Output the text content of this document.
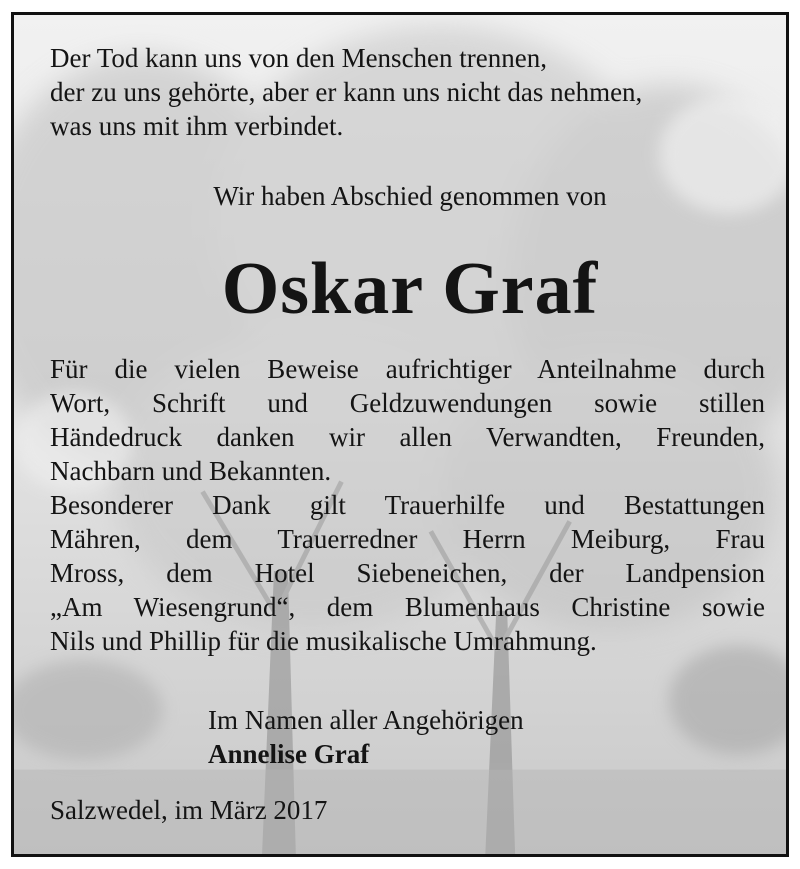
Der Tod kann uns von den Menschen trennen,
der zu uns gehörte, aber er kann uns nicht das nehmen,
was uns mit ihm verbindet.
Wir haben Abschied genommen von
Oskar Graf
Für die vielen Beweise aufrichtiger Anteilnahme durch
Wort, Schrift und Geldzuwendungen sowie stillen
Händedruck danken wir allen Verwandten, Freunden,
Nachbarn und Bekannten.
Besonderer Dank gilt Trauerhilfe und Bestattungen
Mähren, dem Trauerredner Herrn Meiburg, Frau
Mross, dem Hotel Siebeneichen, der Landpension
„Am Wiesengrund“, dem Blumenhaus Christine sowie
Nils und Phillip für die musikalische Umrahmung.
Im Namen aller Angehörigen
Annelise Graf
Salzwedel, im März 2017
